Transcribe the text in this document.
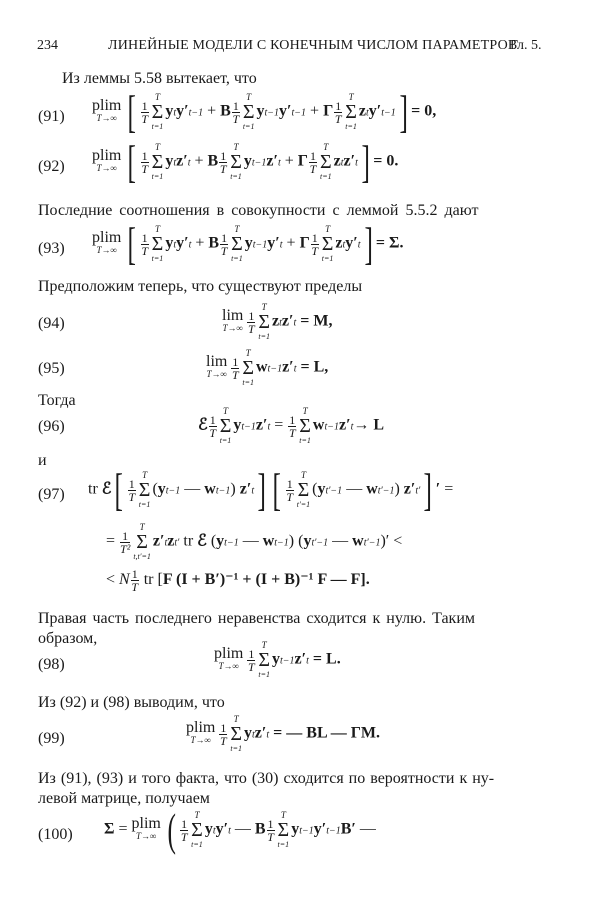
234	ЛИНЕЙНЫЕ МОДЕЛИ С КОНЕЧНЫМ ЧИСЛОМ ПАРАМЕТРОВ
Гл. 5.
Из леммы 5.58 вытекает, что
(91)
plim
T→∞ [ $\frac{1}{T}$
T
Σ
t=1
yty′t−1 + B $\frac{1}{T}$
T
Σ
t=1
yt−1y′t−1 + Γ $\frac{1}{T}$
T
Σ
t=1
zty′t−1] = 0,
(92)
plim
T→∞ [ $\frac{1}{T}$
T
Σ
t=1
ytz′t + B $\frac{1}{T}$
T
Σ
t=1
yt−1z′t + Γ $\frac{1}{T}$
T
Σ
t=1
ztz′t] = 0.
Последние соотношения в совокупности с леммой 5.5.2 дают
(93)
plim
T→∞ [ $\frac{1}{T}$
T
Σ
t=1
yty′t + B $\frac{1}{T}$
T
Σ
t=1
yt−1y′t + Γ $\frac{1}{T}$
T
Σ
t=1
zty′t] = Σ.
Предположим теперь, что существуют пределы
(94)	lim
$T\to\infty \frac{1}{T}$
T
Σ
t=1
ztz′t = M,
(95)	lim
$T\to\infty \frac{1}{T}$
T
Σ
t=1
wt−1z′t = L,
Тогда
(96)	ℰ $\frac{1}{T}$
T
Σ
t=1
$yt-1z't = \frac{1}{T}$
T
Σ
t=1
wt−1z′t→ L
и
(97) tr ℰ[ $\frac{1}{T}$
T
Σ
t=1
(yt−1 — wt−1) z′t] [ $\frac{1}{T}$
T
Σ
t′=1
(yt′−1 — wt′−1) z′t′] ′ =
= $\frac{1}{\text{T²}}$
T
Σ
t,t′=1
z′tzt′ tr ℰ (yt−1 — wt−1) (yt′−1 — wt′−1)′ <
< N $\frac{1}{T}$ tr [F (I + B′)⁻¹ + (I + B)⁻¹ F — F].
Правая часть последнего неравенства сходится к нулю. Таким
образом,
(98)
plim
$T\to\infty \frac{1}{T}$
T
Σ
t=1
yt−1z′t = L.
Из (92) и (98) выводим, что
(99)
plim
$T\to\infty \frac{1}{T}$
T
Σ
t=1
ytz′t = — BL — ΓM.
Из (91), (93) и того факта, что (30) сходится по вероятности к ну-
левой матрице, получаем
(100) Σ = plim
T→∞ ( $\frac{1}{T}$
T
Σ
t=1
yty′t — B $\frac{1}{T}$
T
Σ
t=1
yt−1y′t−1B′ —
